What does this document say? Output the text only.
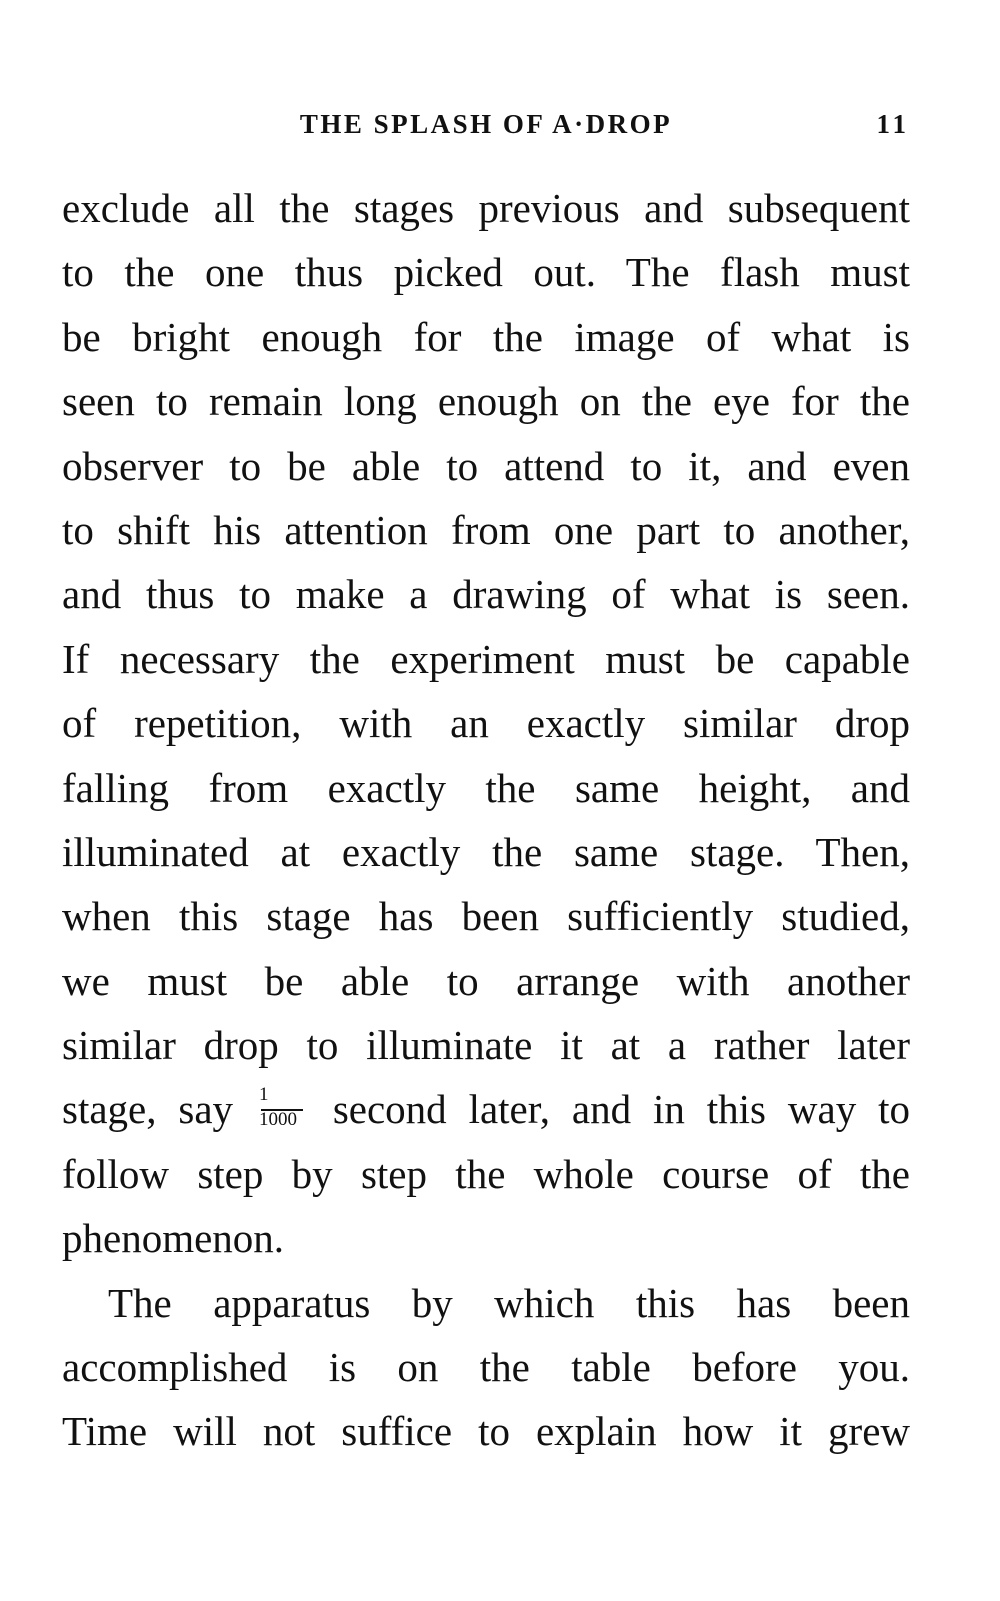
THE SPLASH OF A·DROP	11
exclude all the stages previous and subsequent
to the one thus picked out. The flash must
be bright enough for the image of what is
seen to remain long enough on the eye for the
observer to be able to attend to it, and even
to shift his attention from one part to another,
and thus to make a drawing of what is seen.
If necessary the experiment must be capable
of repetition, with an exactly similar drop
falling from exactly the same height, and
illuminated at exactly the same stage. Then,
when this stage has been sufficiently studied,
we must be able to arrange with another
similar drop to illuminate it at a rather later
stage, say $\frac{1}{1000}$ second later, and in this way to
follow step by step the whole course of the
phenomenon.
The apparatus by which this has been
accomplished is on the table before you.
Time will not suffice to explain how it grew
